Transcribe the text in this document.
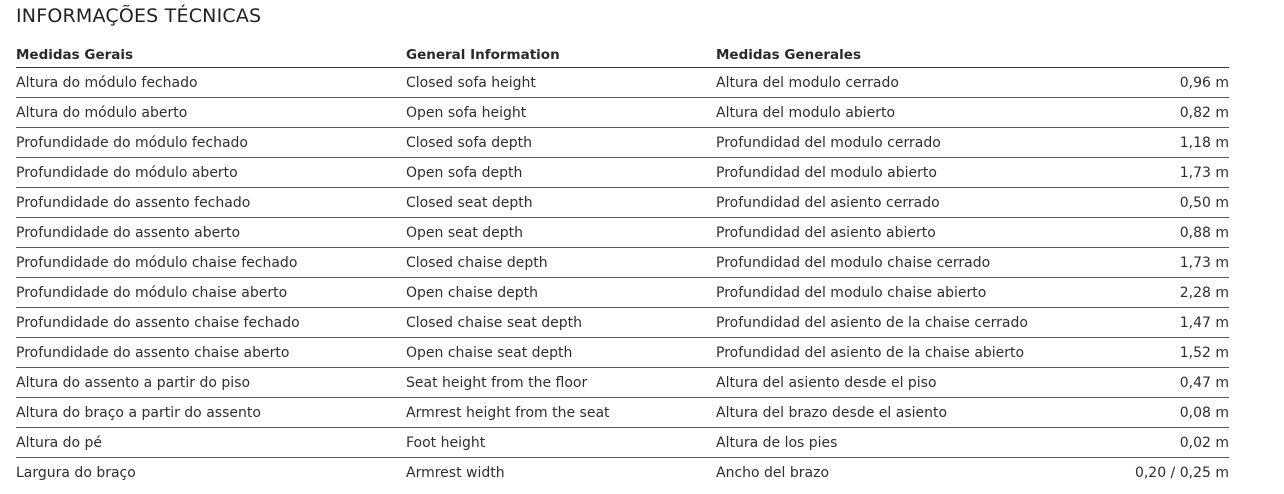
INFORMAÇÕES TÉCNICAS
Medidas Gerais	General Information	Medidas Generales	
Altura do módulo fechado	Closed sofa height	Altura del modulo cerrado	0,96 m
Altura do módulo aberto	Open sofa height	Altura del modulo abierto	0,82 m
Profundidade do módulo fechado	Closed sofa depth	Profundidad del modulo cerrado	1,18 m
Profundidade do módulo aberto	Open sofa depth	Profundidad del modulo abierto	1,73 m
Profundidade do assento fechado	Closed seat depth	Profundidad del asiento cerrado	0,50 m
Profundidade do assento aberto	Open seat depth	Profundidad del asiento abierto	0,88 m
Profundidade do módulo chaise fechado	Closed chaise depth	Profundidad del modulo chaise cerrado	1,73 m
Profundidade do módulo chaise aberto	Open chaise depth	Profundidad del modulo chaise abierto	2,28 m
Profundidade do assento chaise fechado	Closed chaise seat depth	Profundidad del asiento de la chaise cerrado	1,47 m
Profundidade do assento chaise aberto	Open chaise seat depth	Profundidad del asiento de la chaise abierto	1,52 m
Altura do assento a partir do piso	Seat height from the floor	Altura del asiento desde el piso	0,47 m
Altura do braço a partir do assento	Armrest height from the seat	Altura del brazo desde el asiento	0,08 m
Altura do pé	Foot height	Altura de los pies	0,02 m
Largura do braço	Armrest width	Ancho del brazo	0,20 / 0,25 m
